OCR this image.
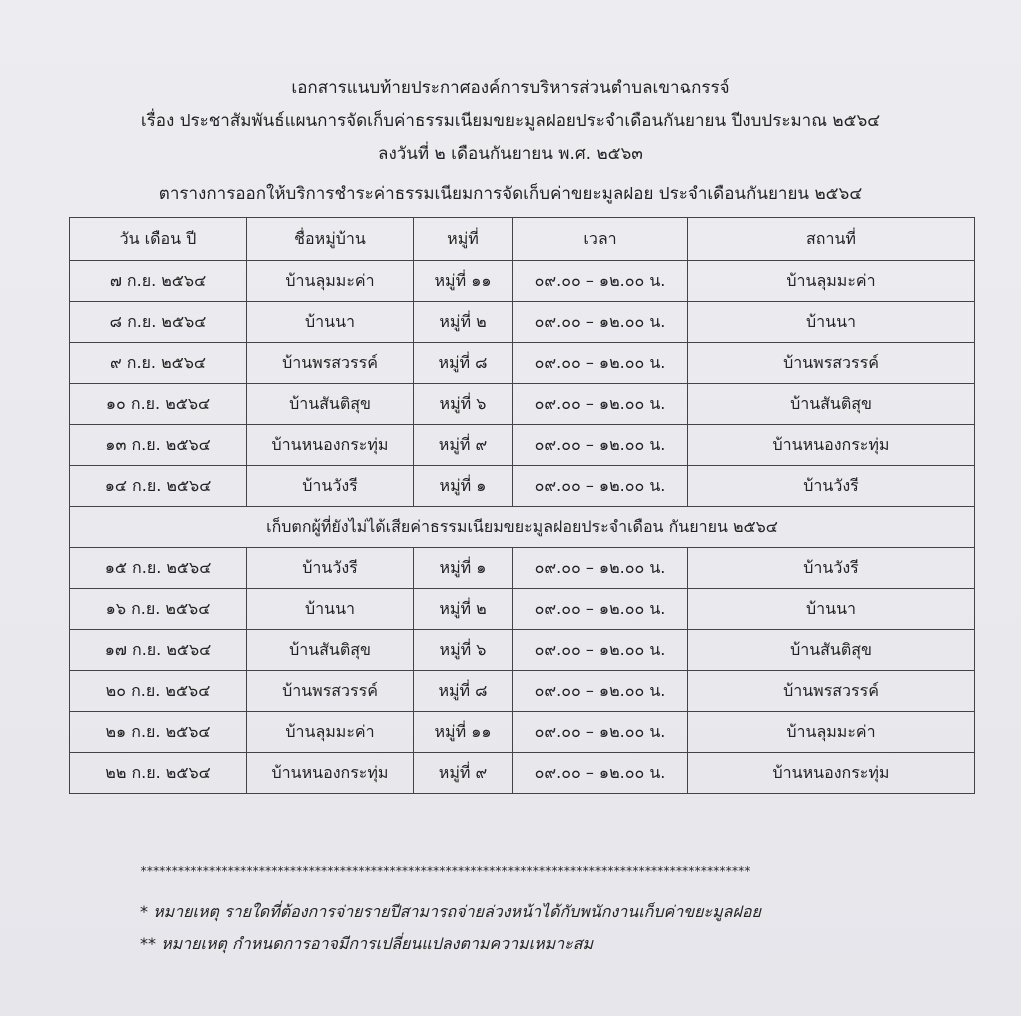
เอกสารแนบท้ายประกาศองค์การบริหารส่วนตำบลเขาฉกรรจ์
เรื่อง ประชาสัมพันธ์แผนการจัดเก็บค่าธรรมเนียมขยะมูลฝอยประจำเดือนกันยายน ปีงบประมาณ ๒๕๖๔
ลงวันที่ ๒ เดือนกันยายน พ.ศ. ๒๕๖๓
ตารางการออกให้บริการชำระค่าธรรมเนียมการจัดเก็บค่าขยะมูลฝอย ประจำเดือนกันยายน ๒๕๖๔
วัน เดือน ปี	ชื่อหมู่บ้าน	หมู่ที่	เวลา	สถานที่
๗ ก.ย. ๒๕๖๔	บ้านลุมมะค่า	หมู่ที่ ๑๑	๐๙.๐๐ – ๑๒.๐๐ น.	บ้านลุมมะค่า
๘ ก.ย. ๒๕๖๔	บ้านนา	หมู่ที่ ๒	๐๙.๐๐ – ๑๒.๐๐ น.	บ้านนา
๙ ก.ย. ๒๕๖๔	บ้านพรสวรรค์	หมู่ที่ ๘	๐๙.๐๐ – ๑๒.๐๐ น.	บ้านพรสวรรค์
๑๐ ก.ย. ๒๕๖๔	บ้านสันติสุข	หมู่ที่ ๖	๐๙.๐๐ – ๑๒.๐๐ น.	บ้านสันติสุข
๑๓ ก.ย. ๒๕๖๔	บ้านหนองกระทุ่ม	หมู่ที่ ๙	๐๙.๐๐ – ๑๒.๐๐ น.	บ้านหนองกระทุ่ม
๑๔ ก.ย. ๒๕๖๔	บ้านวังรี	หมู่ที่ ๑	๐๙.๐๐ – ๑๒.๐๐ น.	บ้านวังรี
เก็บตกผู้ที่ยังไม่ได้เสียค่าธรรมเนียมขยะมูลฝอยประจำเดือน กันยายน ๒๕๖๔				
๑๕ ก.ย. ๒๕๖๔	บ้านวังรี	หมู่ที่ ๑	๐๙.๐๐ – ๑๒.๐๐ น.	บ้านวังรี
๑๖ ก.ย. ๒๕๖๔	บ้านนา	หมู่ที่ ๒	๐๙.๐๐ – ๑๒.๐๐ น.	บ้านนา
๑๗ ก.ย. ๒๕๖๔	บ้านสันติสุข	หมู่ที่ ๖	๐๙.๐๐ – ๑๒.๐๐ น.	บ้านสันติสุข
๒๐ ก.ย. ๒๕๖๔	บ้านพรสวรรค์	หมู่ที่ ๘	๐๙.๐๐ – ๑๒.๐๐ น.	บ้านพรสวรรค์
๒๑ ก.ย. ๒๕๖๔	บ้านลุมมะค่า	หมู่ที่ ๑๑	๐๙.๐๐ – ๑๒.๐๐ น.	บ้านลุมมะค่า
๒๒ ก.ย. ๒๕๖๔	บ้านหนองกระทุ่ม	หมู่ที่ ๙	๐๙.๐๐ – ๑๒.๐๐ น.	บ้านหนองกระทุ่ม
**************************************************************************************************
* หมายเหตุ รายใดที่ต้องการจ่ายรายปีสามารถจ่ายล่วงหน้าได้กับพนักงานเก็บค่าขยะมูลฝอย
** หมายเหตุ กำหนดการอาจมีการเปลี่ยนแปลงตามความเหมาะสม
